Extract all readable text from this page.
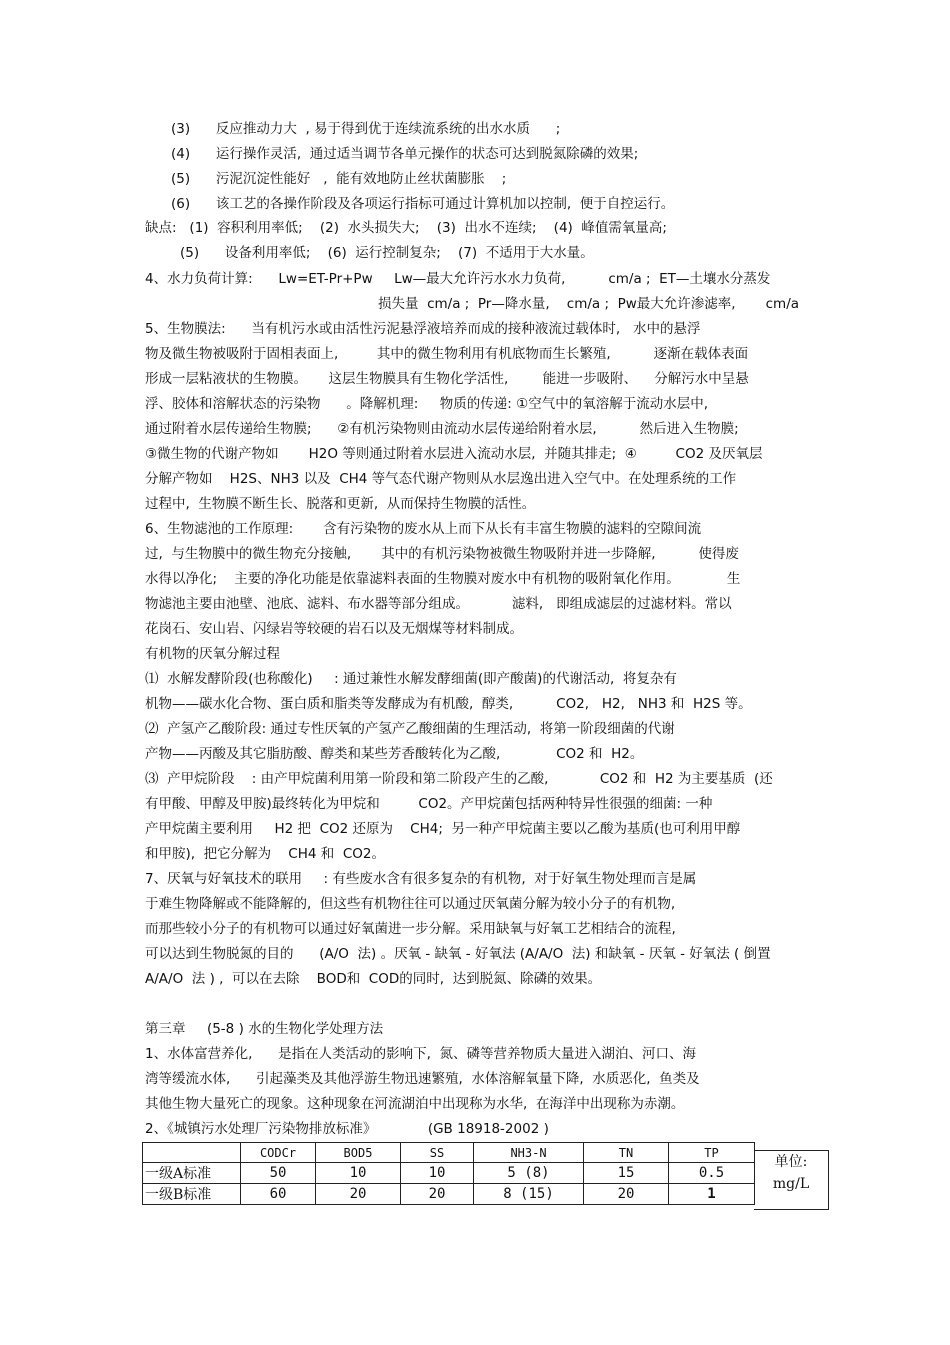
(3)      反应推动力大  , 易于得到优于连续流系统的出水水质      ;
(4)      运行操作灵活,  通过适当调节各单元操作的状态可达到脱氮除磷的效果;
(5)      污泥沉淀性能好   ,  能有效地防止丝状菌膨胀    ;
(6)      该工艺的各操作阶段及各项运行指标可通过计算机加以控制,  便于自控运行。
缺点:   (1)  容积利用率低;    (2)  水头损失大;    (3)  出水不连续;    (4)  峰值需氧量高;
(5)      设备利用率低;    (6)  运行控制复杂;    (7)  不适用于大水量。
4、水力负荷计算:      Lw=ET-Pr+Pw     Lw—最大允许污水水力负荷,          cm/a ;  ET—土壤水分蒸发
损失量  cm/a ;  Pr—降水量,    cm/a ;  Pw最大允许渗滤率,       cm/a
5、生物膜法:      当有机污水或由活性污泥悬浮液培养而成的接种液流过载体时,   水中的悬浮
物及微生物被吸附于固相表面上,         其中的微生物利用有机底物而生长繁殖,          逐渐在载体表面
形成一层粘液状的生物膜。     这层生物膜具有生物化学活性,        能进一步吸附、    分解污水中呈悬
浮、胶体和溶解状态的污染物      。降解机理:     物质的传递: ①空气中的氧溶解于流动水层中,
通过附着水层传递给生物膜;      ②有机污染物则由流动水层传递给附着水层,          然后进入生物膜;
③微生物的代谢产物如       H2O 等则通过附着水层进入流动水层,  并随其排走;  ④         CO2 及厌氧层
分解产物如    H2S、NH3 以及  CH4 等气态代谢产物则从水层逸出进入空气中。在处理系统的工作
过程中,  生物膜不断生长、脱落和更新,  从而保持生物膜的活性。
6、生物滤池的工作原理:       含有污染物的废水从上而下从长有丰富生物膜的滤料的空隙间流
过,  与生物膜中的微生物充分接触,       其中的有机污染物被微生物吸附并进一步降解,          使得废
水得以净化;    主要的净化功能是依靠滤料表面的生物膜对废水中有机物的吸附氧化作用。           生
物滤池主要由池壁、池底、滤料、布水器等部分组成。          滤料,   即组成滤层的过滤材料。常以
花岗石、安山岩、闪绿岩等较硬的岩石以及无烟煤等材料制成。
有机物的厌氧分解过程
⑴  水解发酵阶段(也称酸化)     : 通过兼性水解发酵细菌(即产酸菌)的代谢活动,  将复杂有
机物——碳水化合物、蛋白质和脂类等发酵成为有机酸,  醇类,          CO2,   H2,   NH3 和  H2S 等。
⑵  产氢产乙酸阶段: 通过专性厌氧的产氢产乙酸细菌的生理活动,  将第一阶段细菌的代谢
产物——丙酸及其它脂肪酸、醇类和某些芳香酸转化为乙酸,             CO2 和  H2。
⑶  产甲烷阶段    : 由产甲烷菌利用第一阶段和第二阶段产生的乙酸,            CO2 和  H2 为主要基质  (还
有甲酸、甲醇及甲胺)最终转化为甲烷和         CO2。产甲烷菌包括两种特异性很强的细菌: 一种
产甲烷菌主要利用     H2 把  CO2 还原为    CH4;  另一种产甲烷菌主要以乙酸为基质(也可利用甲醇
和甲胺),  把它分解为    CH4 和  CO2。
7、厌氧与好氧技术的联用     : 有些废水含有很多复杂的有机物,  对于好氧生物处理而言是属
于难生物降解或不能降解的,  但这些有机物往往可以通过厌氧菌分解为较小分子的有机物,
而那些较小分子的有机物可以通过好氧菌进一步分解。采用缺氧与好氧工艺相结合的流程,
可以达到生物脱氮的目的      (A/O  法) 。厌氧 - 缺氧 - 好氧法 (A/A/O  法) 和缺氧 - 厌氧 - 好氧法 ( 倒置
A/A/O  法 ) ,  可以在去除    BOD和  COD的同时,  达到脱氮、除磷的效果。
第三章     (5-8 ) 水的生物化学处理方法
1、水体富营养化,      是指在人类活动的影响下,  氮、磷等营养物质大量进入湖泊、河口、海
湾等缓流水体,      引起藻类及其他浮游生物迅速繁殖,  水体溶解氧量下降,  水质恶化,  鱼类及
其他生物大量死亡的现象。这种现象在河流湖泊中出现称为水华,  在海洋中出现称为赤潮。
2、《城镇污水处理厂污染物排放标准》            (GB 18918-2002 )
	CODCr	BOD5	SS	NH3-N	TN	TP
一级A标准	50	10	10	5 (8)	15	0.5
一级B标准	60	20	20	8 (15)	20	1
单位:
mg/L
